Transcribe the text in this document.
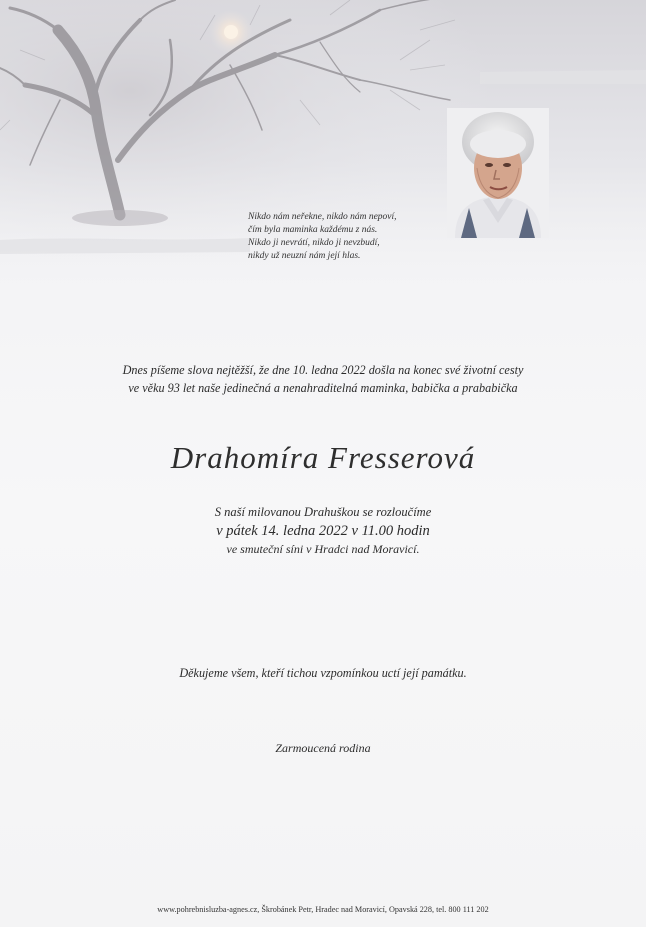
Nikdo nám neřekne, nikdo nám nepoví,
čím byla maminka každému z nás.
Nikdo ji nevrátí, nikdo ji nevzbudí,
nikdy už neuzní nám její hlas.
Dnes píšeme slova nejtěžší, že dne 10. ledna 2022 došla na konec své životní cesty
ve věku 93 let naše jedinečná a nenahraditelná maminka, babička a prababička
Drahomíra Fresserová
S naší milovanou Drahuškou se rozloučíme
v pátek 14. ledna 2022 v 11.00 hodin
ve smuteční síni v Hradci nad Moravicí.
Děkujeme všem, kteří tichou vzpomínkou uctí její památku.
Zarmoucená rodina
www.pohrebnisluzba-agnes.cz, Škrobánek Petr, Hradec nad Moravicí, Opavská 228, tel. 800 111 202
